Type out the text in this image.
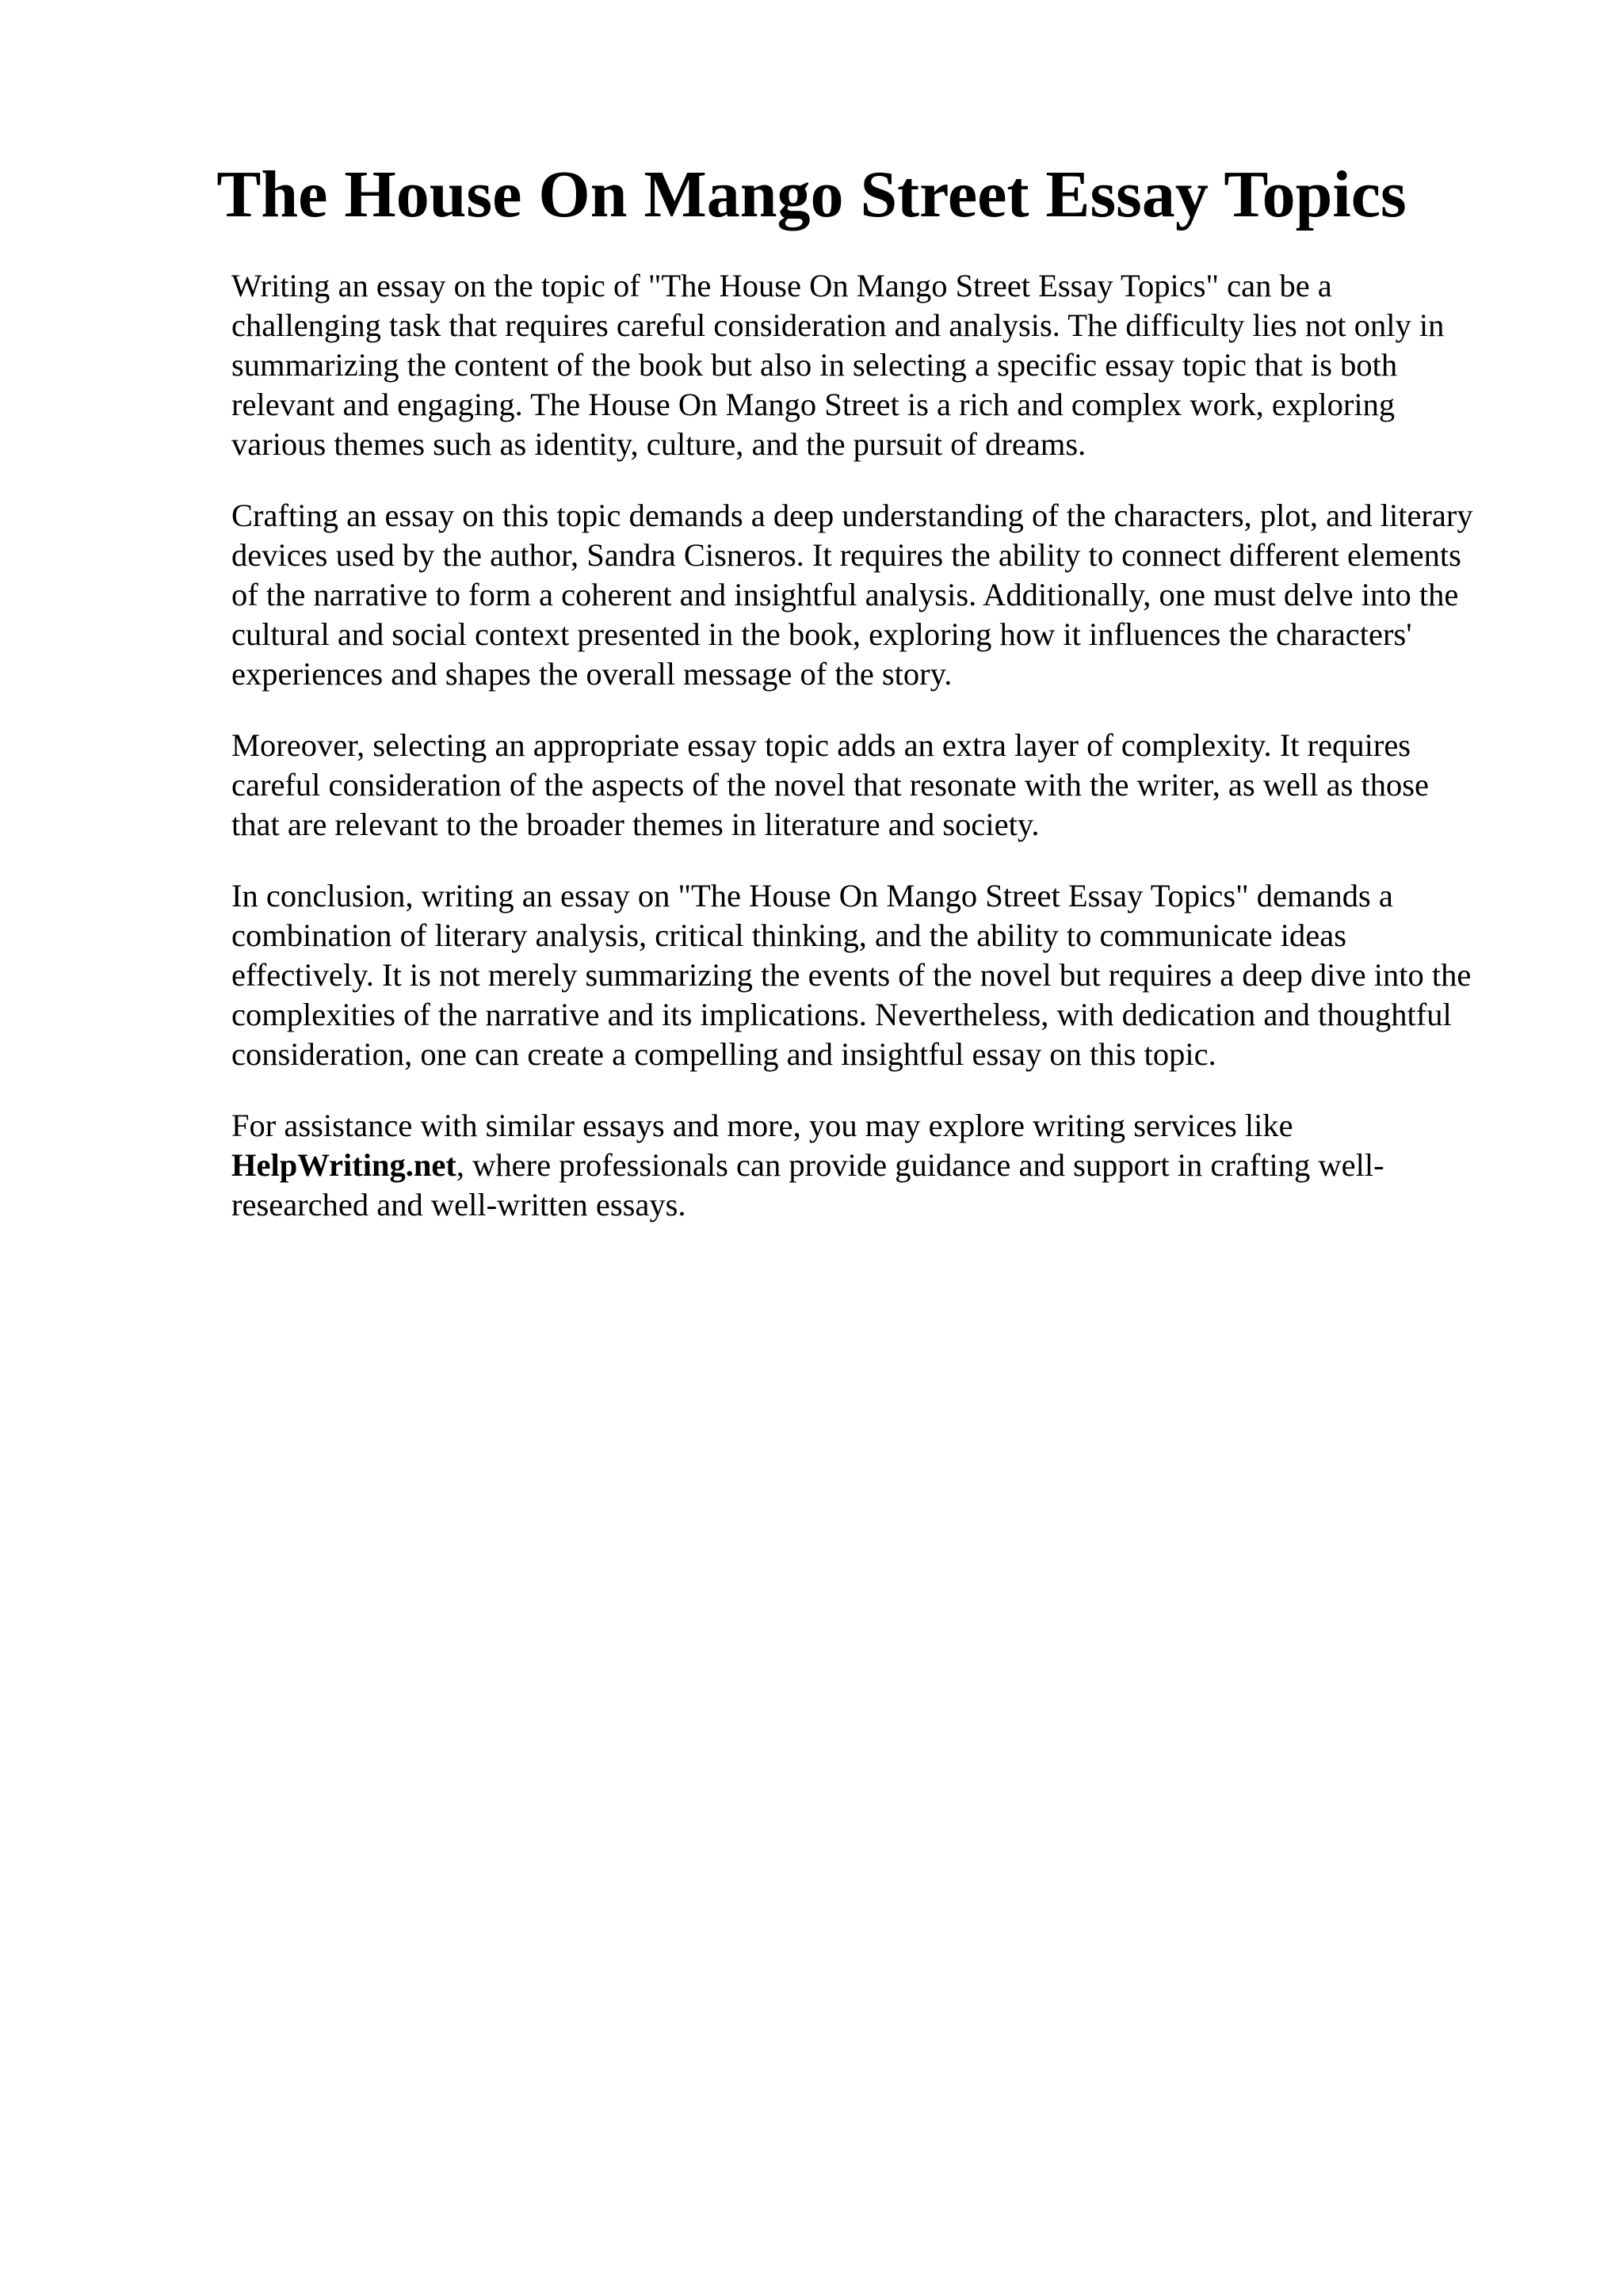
The House On Mango Street Essay Topics

Writing an essay on the topic of "The House On Mango Street Essay Topics" can be a
challenging task that requires careful consideration and analysis. The difficulty lies not only in
summarizing the content of the book but also in selecting a specific essay topic that is both
relevant and engaging. The House On Mango Street is a rich and complex work, exploring
various themes such as identity, culture, and the pursuit of dreams.

Crafting an essay on this topic demands a deep understanding of the characters, plot, and literary
devices used by the author, Sandra Cisneros. It requires the ability to connect different elements
of the narrative to form a coherent and insightful analysis. Additionally, one must delve into the
cultural and social context presented in the book, exploring how it influences the characters'
experiences and shapes the overall message of the story.

Moreover, selecting an appropriate essay topic adds an extra layer of complexity. It requires
careful consideration of the aspects of the novel that resonate with the writer, as well as those
that are relevant to the broader themes in literature and society.

In conclusion, writing an essay on "The House On Mango Street Essay Topics" demands a
combination of literary analysis, critical thinking, and the ability to communicate ideas
effectively. It is not merely summarizing the events of the novel but requires a deep dive into the
complexities of the narrative and its implications. Nevertheless, with dedication and thoughtful
consideration, one can create a compelling and insightful essay on this topic.

For assistance with similar essays and more, you may explore writing services like
HelpWriting.net, where professionals can provide guidance and support in crafting well-
researched and well-written essays.
